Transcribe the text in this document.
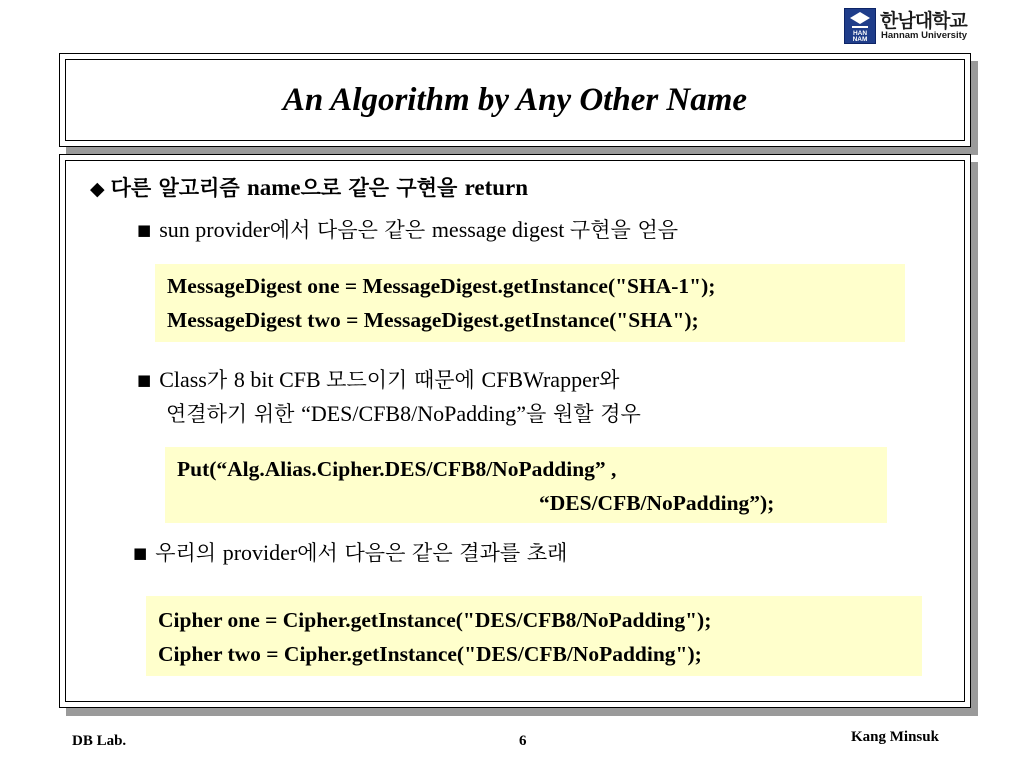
HAN
NAM
한남대학교
Hannam University
An Algorithm by Any Other Name
◆ 다른 알고리즘 name으로 같은 구현을 return
■ sun provider에서 다음은 같은 message digest 구현을 얻음
MessageDigest one = MessageDigest.getInstance("SHA-1");
MessageDigest two = MessageDigest.getInstance("SHA");
■ Class가 8 bit CFB 모드이기 때문에 CFBWrapper와
연결하기 위한 “DES/CFB8/NoPadding”을 원할 경우
Put(“Alg.Alias.Cipher.DES/CFB8/NoPadding” ,
“DES/CFB/NoPadding”);
■ 우리의 provider에서 다음은 같은 결과를 초래
Cipher one = Cipher.getInstance("DES/CFB8/NoPadding");
Cipher two = Cipher.getInstance("DES/CFB/NoPadding");
DB Lab.	6	Kang Minsuk
